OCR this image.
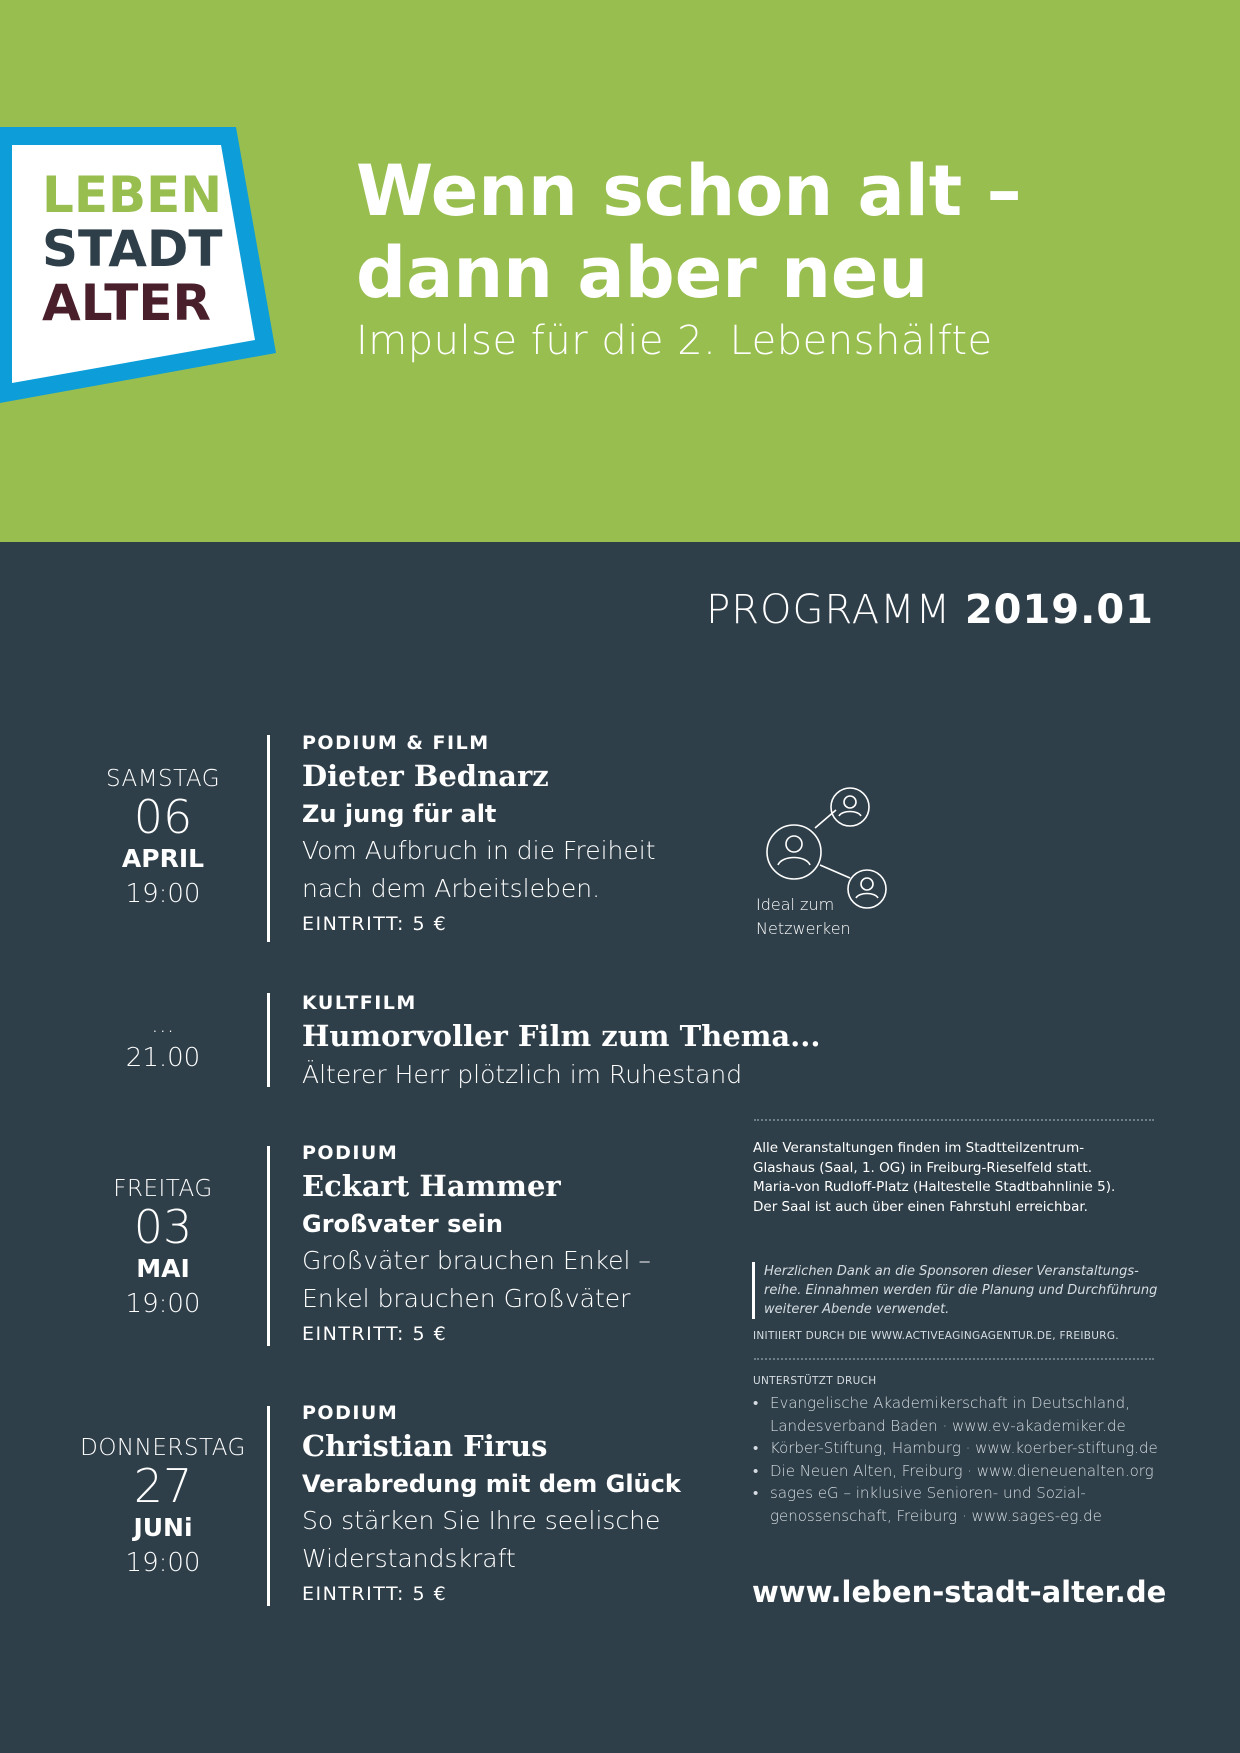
LEBEN
STADT
ALTER
Wenn schon alt –
dann aber neu
Impulse für die 2. Lebenshälfte
PROGRAMM 2019.01
SAMSTAG
06
APRIL
19:00
PODIUM & FILM
Dieter Bednarz
Zu jung für alt
Vom Aufbruch in die Freiheit
nach dem Arbeitsleben.
EINTRITT: 5 €
...
21.00
KULTFILM
Humorvoller Film zum Thema...
Älterer Herr plötzlich im Ruhestand
FREITAG
03
MAI
19:00
PODIUM
Eckart Hammer
Großvater sein
Großväter brauchen Enkel –
Enkel brauchen Großväter
EINTRITT: 5 €
DONNERSTAG
27
JUNi
19:00
PODIUM
Christian Firus
Verabredung mit dem Glück
So stärken Sie Ihre seelische
Widerstandskraft
EINTRITT: 5 €
Ideal zum
Netzwerken
Alle Veranstaltungen finden im Stadtteilzentrum-
Glashaus (Saal, 1. OG) in Freiburg-Rieselfeld statt.
Maria-von Rudloff-Platz (Haltestelle Stadtbahnlinie 5).
Der Saal ist auch über einen Fahrstuhl erreichbar.
Herzlichen Dank an die Sponsoren dieser Veranstaltungs-
reihe. Einnahmen werden für die Planung und Durchführung
weiterer Abende verwendet.
INITIIERT DURCH DIE WWW.ACTIVEAGINGAGENTUR.DE, FREIBURG.
UNTERSTÜTZT DRUCH
• Evangelische Akademikerschaft in Deutschland,
Landesverband Baden · www.ev-akademiker.de
• Körber-Stiftung, Hamburg · www.koerber-stiftung.de
• Die Neuen Alten, Freiburg · www.dieneuenalten.org
• sages eG – inklusive Senioren- und Sozial-
genossenschaft, Freiburg · www.sages-eg.de
www.leben-stadt-alter.de
